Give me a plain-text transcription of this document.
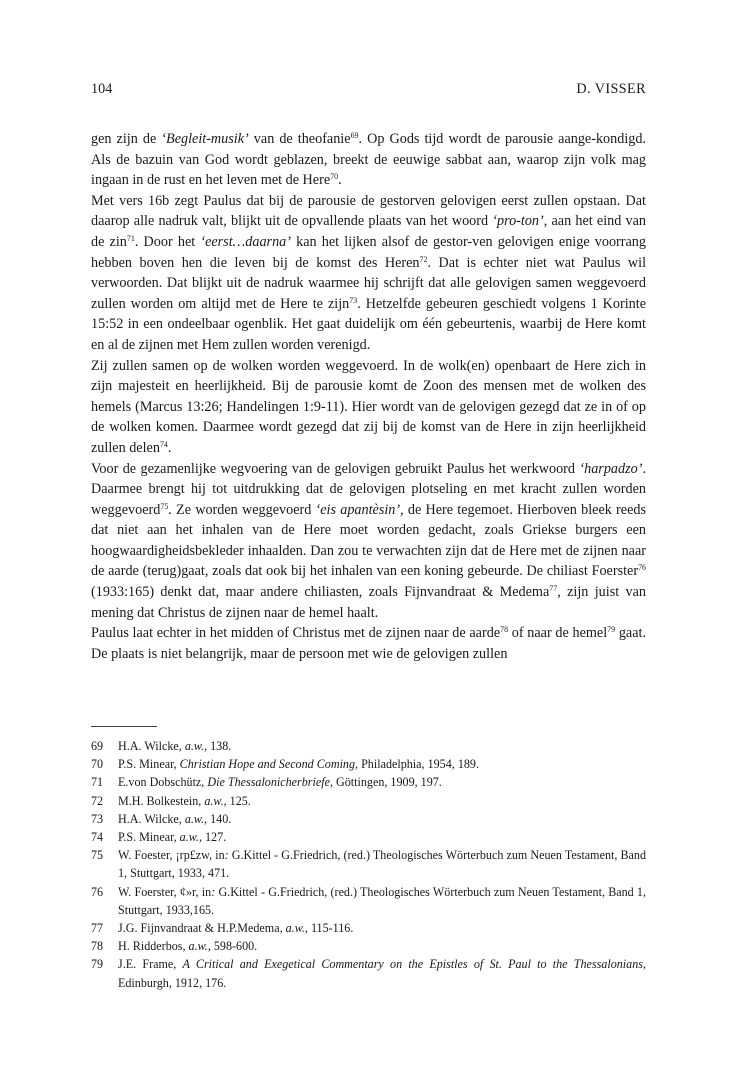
104	D. VISSER

gen zijn de ‘Begleit-musik’ van de theofanie$^{69}$. Op Gods tijd wordt de parousie aange-kondigd. Als de bazuin van God wordt geblazen, breekt de eeuwige sabbat aan, waarop zijn volk mag ingaan in de rust en het leven met de Here$^{70}$.

Met vers 16b zegt Paulus dat bij de parousie de gestorven gelovigen eerst zullen opstaan. Dat daarop alle nadruk valt, blijkt uit de opvallende plaats van het woord ‘pro-ton’, aan het eind van de zin$^{71}$. Door het ‘eerst…daarna’ kan het lijken alsof de gestor-ven gelovigen enige voorrang hebben boven hen die leven bij de komst des Heren$^{72}$. Dat is echter niet wat Paulus wil verwoorden. Dat blijkt uit de nadruk waarmee hij schrijft dat alle gelovigen samen weggevoerd zullen worden om altijd met de Here te zijn$^{73}$. Hetzelfde gebeuren geschiedt volgens 1 Korinte 15:52 in een ondeelbaar ogenblik. Het gaat duidelijk om één gebeurtenis, waarbij de Here komt en al de zijnen met Hem zullen worden verenigd.

Zij zullen samen op de wolken worden weggevoerd. In de wolk(en) openbaart de Here zich in zijn majesteit en heerlijkheid. Bij de parousie komt de Zoon des mensen met de wolken des hemels (Marcus 13:26; Handelingen 1:9-11). Hier wordt van de gelovigen gezegd dat ze in of op de wolken komen. Daarmee wordt gezegd dat zij bij de komst van de Here in zijn heerlijkheid zullen delen$^{74}$.

Voor de gezamenlijke wegvoering van de gelovigen gebruikt Paulus het werkwoord ‘harpadzo’. Daarmee brengt hij tot uitdrukking dat de gelovigen plotseling en met kracht zullen worden weggevoerd$^{75}$. Ze worden weggevoerd ‘eis apantèsin’, de Here tegemoet. Hierboven bleek reeds dat niet aan het inhalen van de Here moet worden gedacht, zoals Griekse burgers een hoogwaardigheidsbekleder inhaalden. Dan zou te verwachten zijn dat de Here met de zijnen naar de aarde (terug)gaat, zoals dat ook bij het inhalen van een koning gebeurde. De chiliast Foerster$^{76}$ (1933:165) denkt dat, maar andere chiliasten, zoals Fijnvandraat & Medema$^{77}$, zijn juist van mening dat Christus de zijnen naar de hemel haalt.

Paulus laat echter in het midden of Christus met de zijnen naar de aarde$^{78}$ of naar de hemel$^{79}$ gaat. De plaats is niet belangrijk, maar de persoon met wie de gelovigen zullen

69	H.A. Wilcke, a.w., 138.
70	P.S. Minear, Christian Hope and Second Coming, Philadelphia, 1954, 189.
71	E.von Dobschütz, Die Thessalonicherbriefe, Göttingen, 1909, 197.
72	M.H. Bolkestein, a.w., 125.
73	H.A. Wilcke, a.w., 140.
74	P.S. Minear, a.w., 127.
75	W. Foester, ¡rp£zw, in: G.Kittel - G.Friedrich, (red.) Theologisches Wörterbuch zum Neuen Testament, Band 1, Stuttgart, 1933, 471.
76	W. Foerster, ¢»r, in: G.Kittel - G.Friedrich, (red.) Theologisches Wörterbuch zum Neuen Testament, Band 1, Stuttgart, 1933,165.
77	J.G. Fijnvandraat & H.P.Medema, a.w., 115-116.
78	H. Ridderbos, a.w., 598-600.
79	J.E. Frame, A Critical and Exegetical Commentary on the Epistles of St. Paul to the Thessalonians, Edinburgh, 1912, 176.
